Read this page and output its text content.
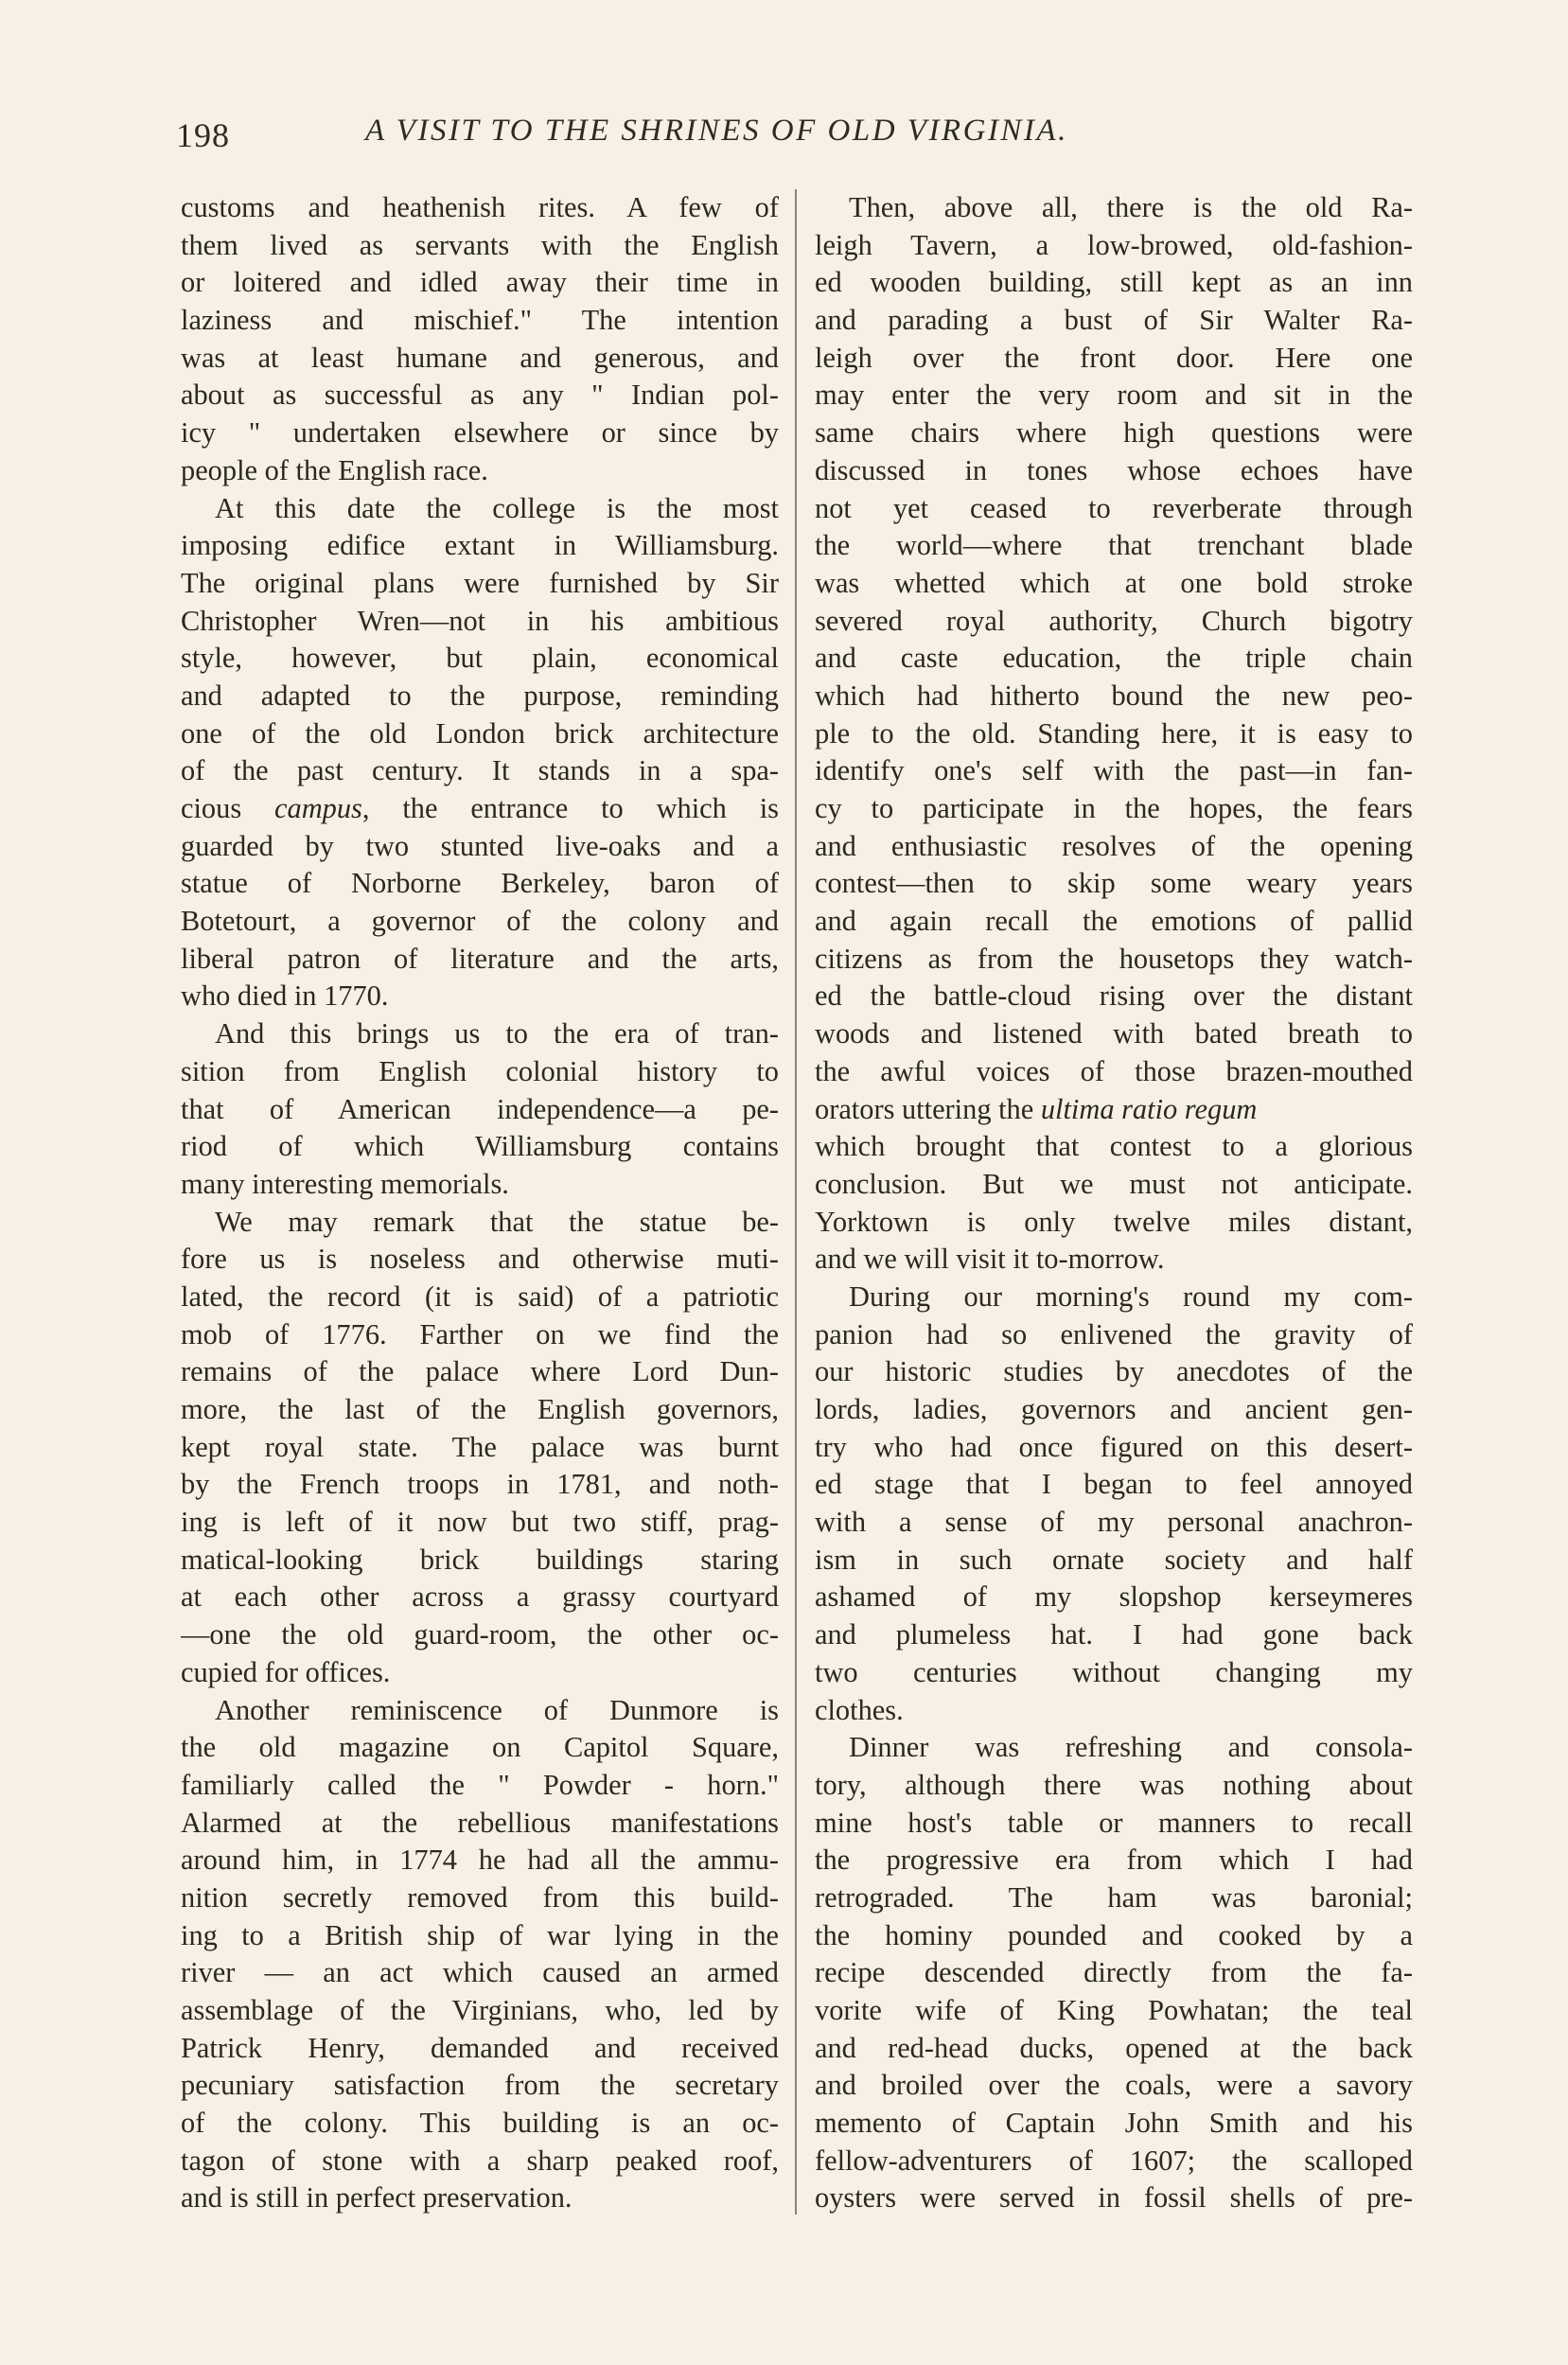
198	A VISIT TO THE SHRINES OF OLD VIRGINIA.
customs and heathenish rites. A few of
them lived as servants with the English
or loitered and idled away their time in
laziness and mischief." The intention
was at least humane and generous, and
about as successful as any " Indian pol-
icy " undertaken elsewhere or since by
people of the English race.
At this date the college is the most
imposing edifice extant in Williamsburg.
The original plans were furnished by Sir
Christopher Wren—not in his ambitious
style, however, but plain, economical
and adapted to the purpose, reminding
one of the old London brick architecture
of the past century. It stands in a spa-
cious campus, the entrance to which is
guarded by two stunted live-oaks and a
statue of Norborne Berkeley, baron of
Botetourt, a governor of the colony and
liberal patron of literature and the arts,
who died in 1770.
And this brings us to the era of tran-
sition from English colonial history to
that of American independence—a pe-
riod of which Williamsburg contains
many interesting memorials.
We may remark that the statue be-
fore us is noseless and otherwise muti-
lated, the record (it is said) of a patriotic
mob of 1776. Farther on we find the
remains of the palace where Lord Dun-
more, the last of the English governors,
kept royal state. The palace was burnt
by the French troops in 1781, and noth-
ing is left of it now but two stiff, prag-
matical-looking brick buildings staring
at each other across a grassy courtyard
—one the old guard-room, the other oc-
cupied for offices.
Another reminiscence of Dunmore is
the old magazine on Capitol Square,
familiarly called the " Powder - horn."
Alarmed at the rebellious manifestations
around him, in 1774 he had all the ammu-
nition secretly removed from this build-
ing to a British ship of war lying in the
river — an act which caused an armed
assemblage of the Virginians, who, led by
Patrick Henry, demanded and received
pecuniary satisfaction from the secretary
of the colony. This building is an oc-
tagon of stone with a sharp peaked roof,
and is still in perfect preservation.
Then, above all, there is the old Ra-
leigh Tavern, a low-browed, old-fashion-
ed wooden building, still kept as an inn
and parading a bust of Sir Walter Ra-
leigh over the front door. Here one
may enter the very room and sit in the
same chairs where high questions were
discussed in tones whose echoes have
not yet ceased to reverberate through
the world—where that trenchant blade
was whetted which at one bold stroke
severed royal authority, Church bigotry
and caste education, the triple chain
which had hitherto bound the new peo-
ple to the old. Standing here, it is easy to
identify one's self with the past—in fan-
cy to participate in the hopes, the fears
and enthusiastic resolves of the opening
contest—then to skip some weary years
and again recall the emotions of pallid
citizens as from the housetops they watch-
ed the battle-cloud rising over the distant
woods and listened with bated breath to
the awful voices of those brazen-mouthed
orators uttering the ultima ratio regum
which brought that contest to a glorious
conclusion. But we must not anticipate.
Yorktown is only twelve miles distant,
and we will visit it to-morrow.
During our morning's round my com-
panion had so enlivened the gravity of
our historic studies by anecdotes of the
lords, ladies, governors and ancient gen-
try who had once figured on this desert-
ed stage that I began to feel annoyed
with a sense of my personal anachron-
ism in such ornate society and half
ashamed of my slopshop kerseymeres
and plumeless hat. I had gone back
two centuries without changing my
clothes.
Dinner was refreshing and consola-
tory, although there was nothing about
mine host's table or manners to recall
the progressive era from which I had
retrograded. The ham was baronial;
the hominy pounded and cooked by a
recipe descended directly from the fa-
vorite wife of King Powhatan; the teal
and red-head ducks, opened at the back
and broiled over the coals, were a savory
memento of Captain John Smith and his
fellow-adventurers of 1607; the scalloped
oysters were served in fossil shells of pre-
